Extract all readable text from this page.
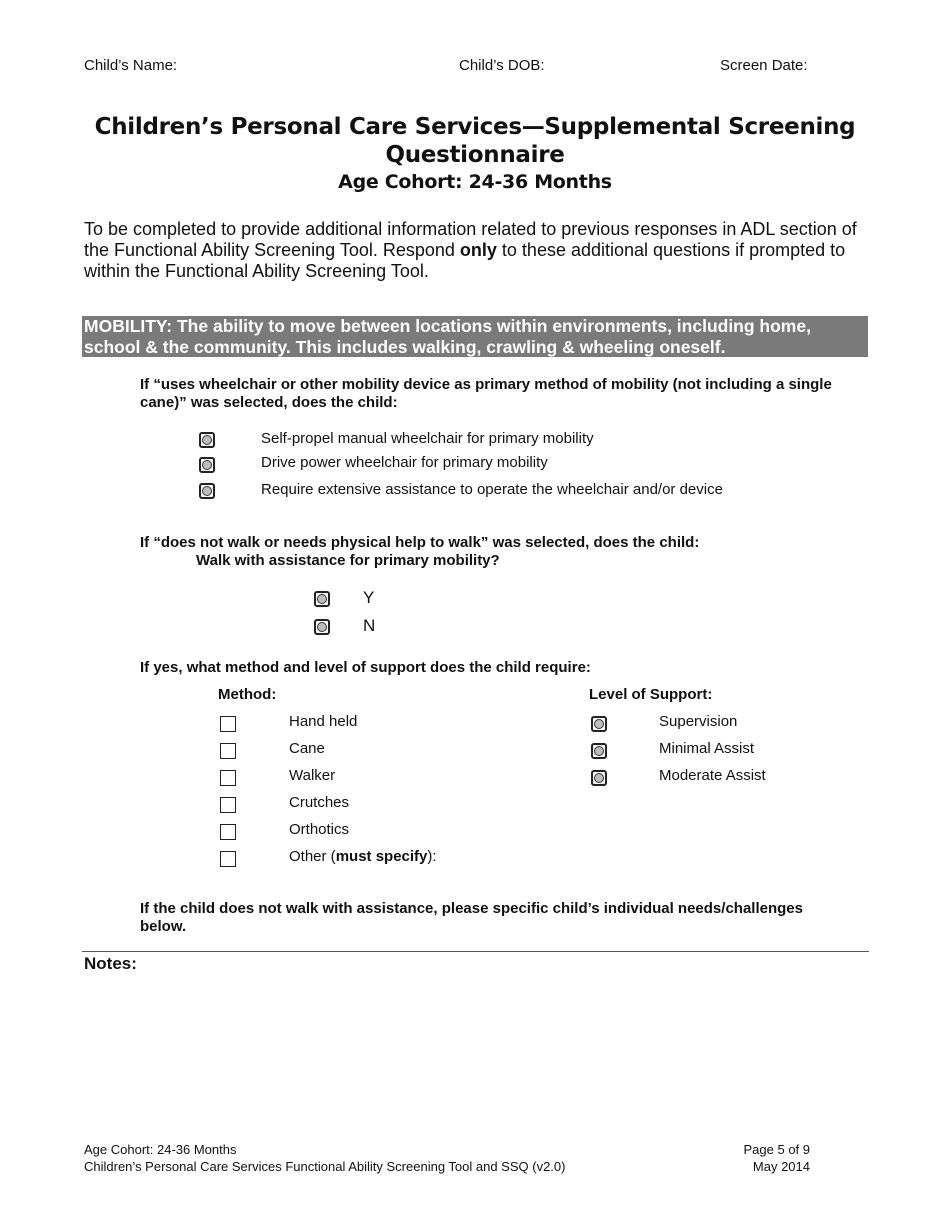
Child’s Name:	Child’s DOB:	Screen Date:
Children’s Personal Care Services—Supplemental Screening
Questionnaire
Age Cohort: 24-36 Months
To be completed to provide additional information related to previous responses in ADL section of the Functional Ability Screening Tool. Respond only to these additional questions if prompted to within the Functional Ability Screening Tool.
MOBILITY: The ability to move between locations within environments, including home,
school & the community. This includes walking, crawling & wheeling oneself.
If “uses wheelchair or other mobility device as primary method of mobility (not including a single cane)” was selected, does the child:
Self-propel manual wheelchair for primary mobility
Drive power wheelchair for primary mobility
Require extensive assistance to operate the wheelchair and/or device
If “does not walk or needs physical help to walk” was selected, does the child:
Walk with assistance for primary mobility?
Y
N
If yes, what method and level of support does the child require:
Method:	Level of Support:
Hand held
Cane
Walker
Crutches
Orthotics
Other (must specify):
Supervision
Minimal Assist
Moderate Assist
If the child does not walk with assistance, please specific child’s individual needs/challenges below.
Notes:
Age Cohort: 24-36 Months
Children’s Personal Care Services Functional Ability Screening Tool and SSQ (v2.0)
Page 5 of 9
May 2014
